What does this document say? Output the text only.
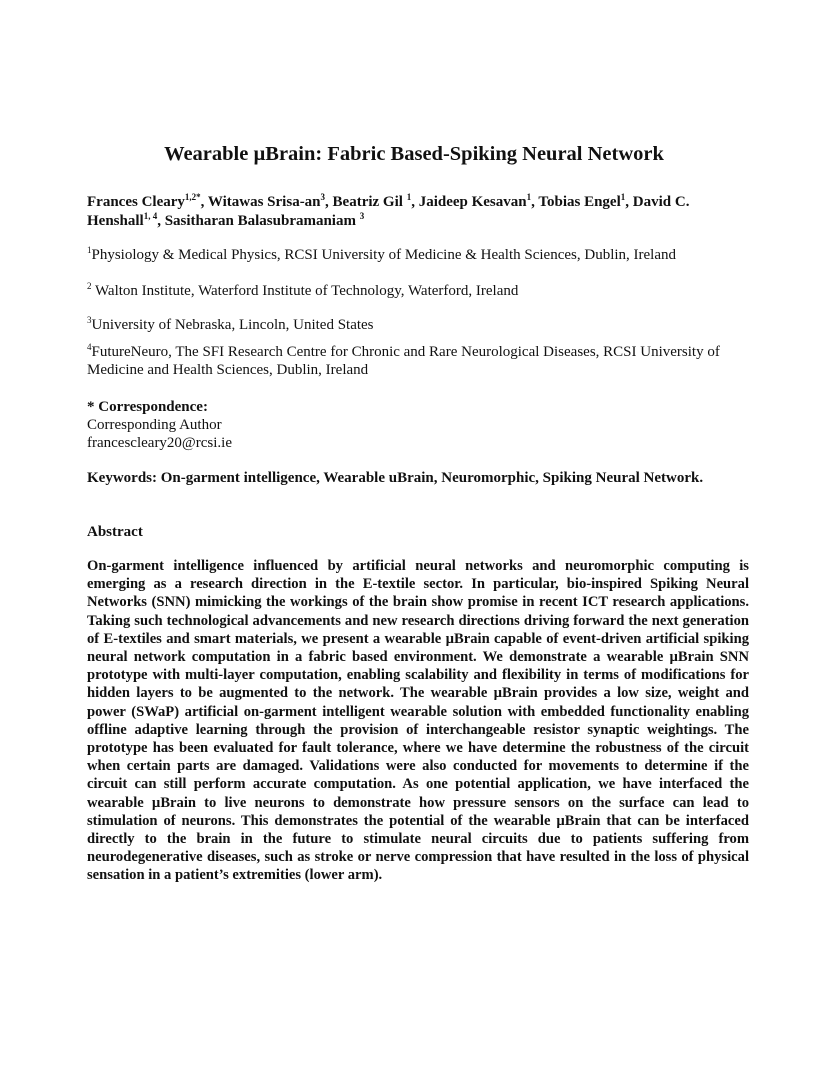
Wearable µBrain: Fabric Based-Spiking Neural Network
Frances Cleary$^{1,2*}$, Witawas Srisa-$an^3$, Beatriz Gil $^1$, Jaideep Kesavan$^1$, Tobias Engel$^1$, David C. Henshall$^{1, 4}$, Sasitharan Balasubramaniam $^3$
$^1$Physiology & Medical Physics, RCSI University of Medicine & Health Sciences, Dublin, Ireland
$^2$ Walton Institute, Waterford Institute of Technology, Waterford, Ireland
$^3$University of Nebraska, Lincoln, United States
$^4$FutureNeuro, The SFI Research Centre for Chronic and Rare Neurological Diseases, RCSI University of Medicine and Health Sciences, Dublin, Ireland
* Correspondence:
Corresponding Author
francescleary20@rcsi.ie
Keywords: On-garment intelligence, Wearable uBrain, Neuromorphic, Spiking Neural Network.
Abstract
On-garment intelligence influenced by artificial neural networks and neuromorphic computing is emerging as a research direction in the E-textile sector. In particular, bio-inspired Spiking Neural Networks (SNN) mimicking the workings of the brain show promise in recent ICT research applications. Taking such technological advancements and new research directions driving forward the next generation of E-textiles and smart materials, we present a wearable µBrain capable of event-driven artificial spiking neural network computation in a fabric based environment. We demonstrate a wearable µBrain SNN prototype with multi-layer computation, enabling scalability and flexibility in terms of modifications for hidden layers to be augmented to the network. The wearable µBrain provides a low size, weight and power (SWaP) artificial on-garment intelligent wearable solution with embedded functionality enabling offline adaptive learning through the provision of interchangeable resistor synaptic weightings. The prototype has been evaluated for fault tolerance, where we have determine the robustness of the circuit when certain parts are damaged. Validations were also conducted for movements to determine if the circuit can still perform accurate computation. As one potential application, we have interfaced the wearable µBrain to live neurons to demonstrate how pressure sensors on the surface can lead to stimulation of neurons. This demonstrates the potential of the wearable µBrain that can be interfaced directly to the brain in the future to stimulate neural circuits due to patients suffering from neurodegenerative diseases, such as stroke or nerve compression that have resulted in the loss of physical sensation in a patient’s extremities (lower arm).
